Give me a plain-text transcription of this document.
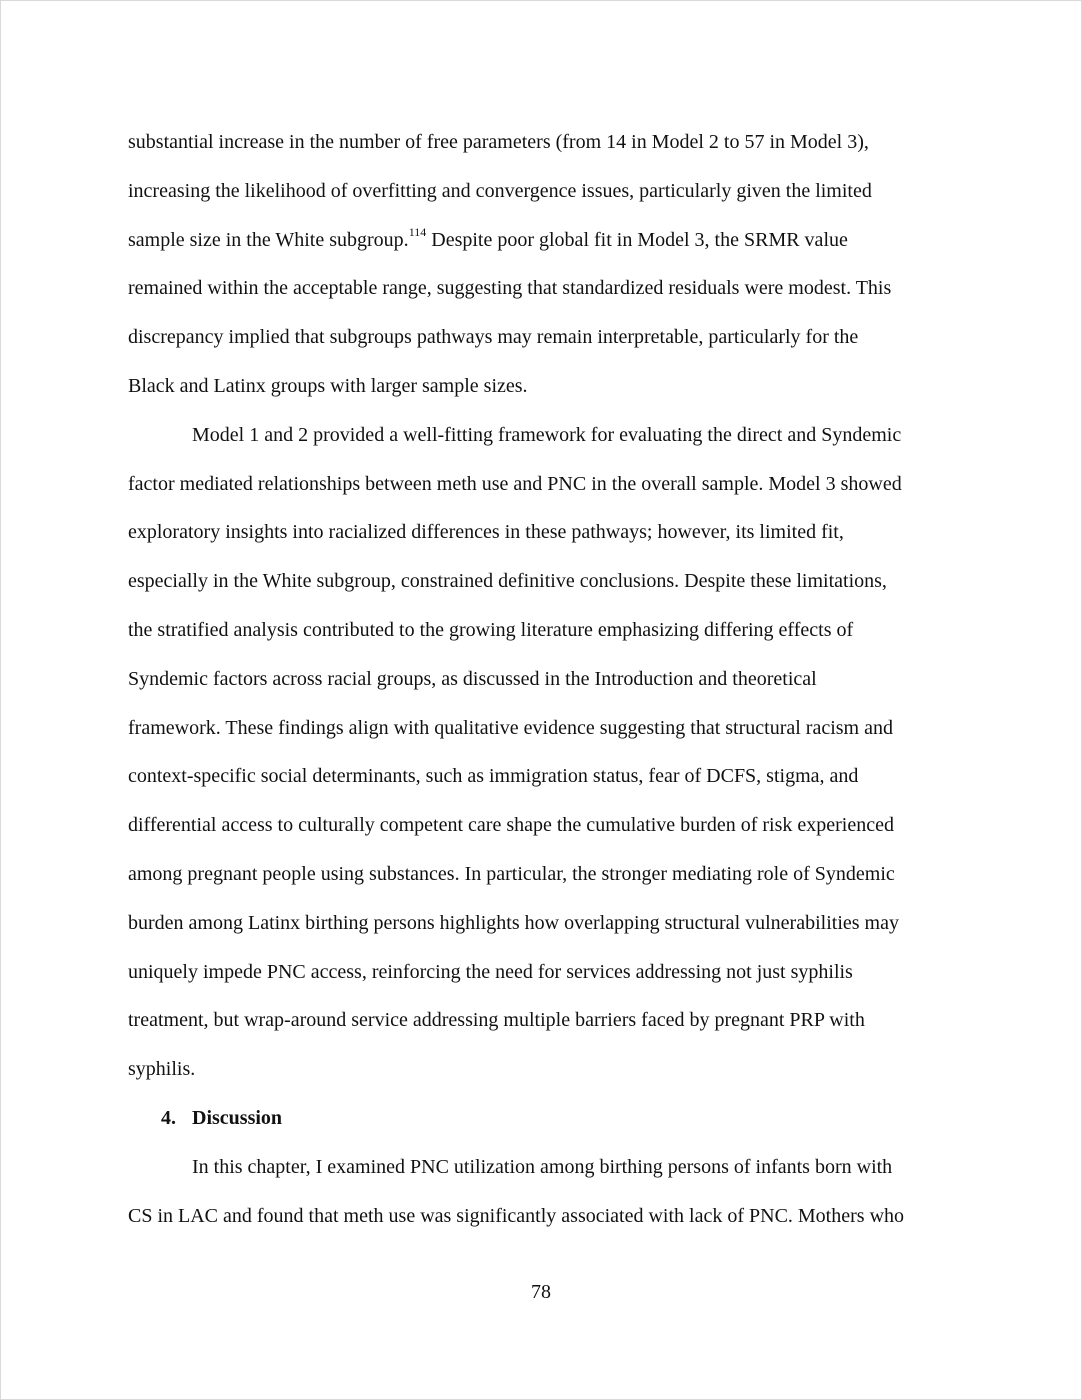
substantial increase in the number of free parameters (from 14 in Model 2 to 57 in Model 3),
increasing the likelihood of overfitting and convergence issues, particularly given the limited
sample size in the White subgroup.$^{114}$ Despite poor global fit in Model 3, the SRMR value
remained within the acceptable range, suggesting that standardized residuals were modest. This
discrepancy implied that subgroups pathways may remain interpretable, particularly for the
Black and Latinx groups with larger sample sizes.
Model 1 and 2 provided a well-fitting framework for evaluating the direct and Syndemic
factor mediated relationships between meth use and PNC in the overall sample. Model 3 showed
exploratory insights into racialized differences in these pathways; however, its limited fit,
especially in the White subgroup, constrained definitive conclusions. Despite these limitations,
the stratified analysis contributed to the growing literature emphasizing differing effects of
Syndemic factors across racial groups, as discussed in the Introduction and theoretical
framework. These findings align with qualitative evidence suggesting that structural racism and
context-specific social determinants, such as immigration status, fear of DCFS, stigma, and
differential access to culturally competent care shape the cumulative burden of risk experienced
among pregnant people using substances. In particular, the stronger mediating role of Syndemic
burden among Latinx birthing persons highlights how overlapping structural vulnerabilities may
uniquely impede PNC access, reinforcing the need for services addressing not just syphilis
treatment, but wrap-around service addressing multiple barriers faced by pregnant PRP with
syphilis.
4. Discussion
In this chapter, I examined PNC utilization among birthing persons of infants born with
CS in LAC and found that meth use was significantly associated with lack of PNC. Mothers who
78
